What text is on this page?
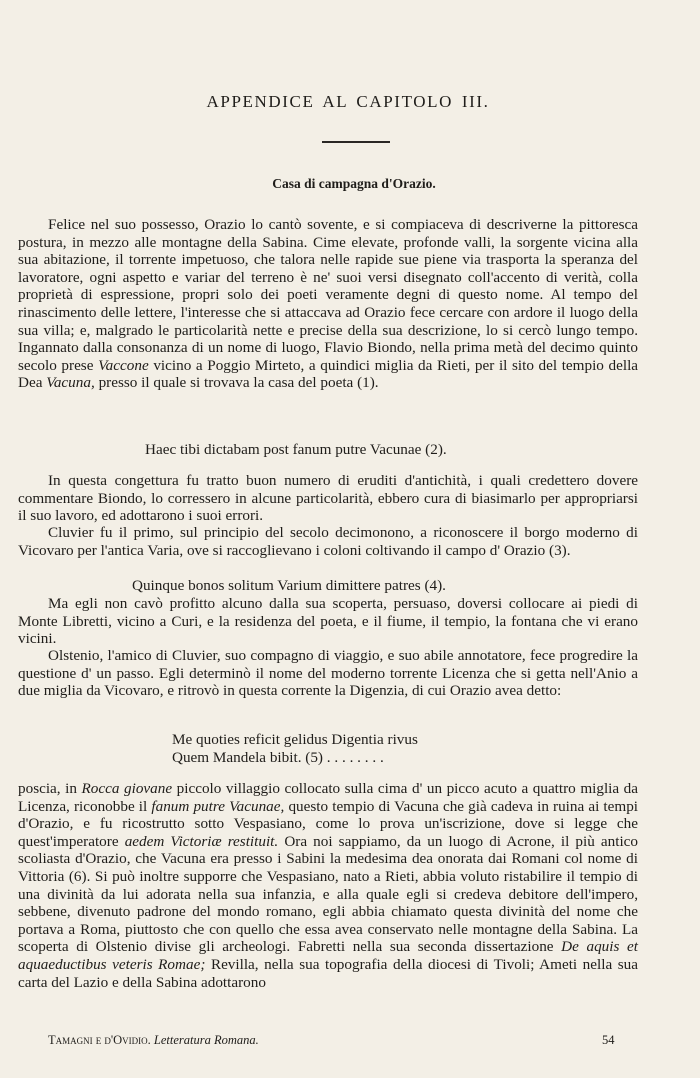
APPENDICE AL CAPITOLO III.
Casa di campagna d'Orazio.

Felice nel suo possesso, Orazio lo cantò sovente, e si compiaceva di descriverne la pittoresca postura, in mezzo alle montagne della Sabina. Cime elevate, profonde valli, la sorgente vicina alla sua abitazione, il torrente impetuoso, che talora nelle rapide sue piene via trasporta la speranza del lavoratore, ogni aspetto e variar del terreno è ne' suoi versi disegnato coll'accento di verità, colla proprietà di espressione, propri solo dei poeti veramente degni di questo nome. Al tempo del rinascimento delle lettere, l'interesse che si attaccava ad Orazio fece cercare con ardore il luogo della sua villa; e, malgrado le particolarità nette e precise della sua descrizione, lo si cercò lungo tempo. Ingannato dalla consonanza di un nome di luogo, Flavio Biondo, nella prima metà del decimo quinto secolo prese Vaccone vicino a Poggio Mirteto, a quindici miglia da Rieti, per il sito del tempio della Dea Vacuna, presso il quale si trovava la casa del poeta (1).

Haec tibi dictabam post fanum putre Vacunae (2).

In questa congettura fu tratto buon numero di eruditi d'antichità, i quali credettero dovere commentare Biondo, lo corressero in alcune particolarità, ebbero cura di biasimarlo per appropriarsi il suo lavoro, ed adottarono i suoi errori.

Cluvier fu il primo, sul principio del secolo decimonono, a riconoscere il borgo moderno di Vicovaro per l'antica Varia, ove si raccoglievano i coloni coltivando il campo d' Orazio (3).

Quinque bonos solitum Varium dimittere patres (4).

Ma egli non cavò profitto alcuno dalla sua scoperta, persuaso, doversi collocare ai piedi di Monte Libretti, vicino a Curi, e la residenza del poeta, e il fiume, il tempio, la fontana che vi erano vicini.

Olstenio, l'amico di Cluvier, suo compagno di viaggio, e suo abile annotatore, fece progredire la questione d' un passo. Egli determinò il nome del moderno torrente Licenza che si getta nell'Anio a due miglia da Vicovaro, e ritrovò in questa corrente la Digenzia, di cui Orazio avea detto:

Me quoties reficit gelidus Digentia rivus
Quem Mandela bibit. (5) . . . . . . . .

poscia, in Rocca giovane piccolo villaggio collocato sulla cima d' un picco acuto a quattro miglia da Licenza, riconobbe il fanum putre Vacunae, questo tempio di Vacuna che già cadeva in ruina ai tempi d'Orazio, e fu ricostrutto sotto Vespasiano, come lo prova un'iscrizione, dove si legge che quest'imperatore aedem Victoriæ restituit. Ora noi sappiamo, da un luogo di Acrone, il più antico scoliasta d'Orazio, che Vacuna era presso i Sabini la medesima dea onorata dai Romani col nome di Vittoria (6). Si può inoltre supporre che Vespasiano, nato a Rieti, abbia voluto ristabilire il tempio di una divinità da lui adorata nella sua infanzia, e alla quale egli si credeva debitore dell'impero, sebbene, divenuto padrone del mondo romano, egli abbia chiamato questa divinità del nome che portava a Roma, piuttosto che con quello che essa avea conservato nelle montagne della Sabina. La scoperta di Olstenio divise gli archeologi. Fabretti nella sua seconda dissertazione De aquis et aquaeductibus veteris Romae; Revilla, nella sua topografia della diocesi di Tivoli; Ameti nella sua carta del Lazio e della Sabina adottarono

Tamagni e d'Ovidio. Letteratura Romana.	54
